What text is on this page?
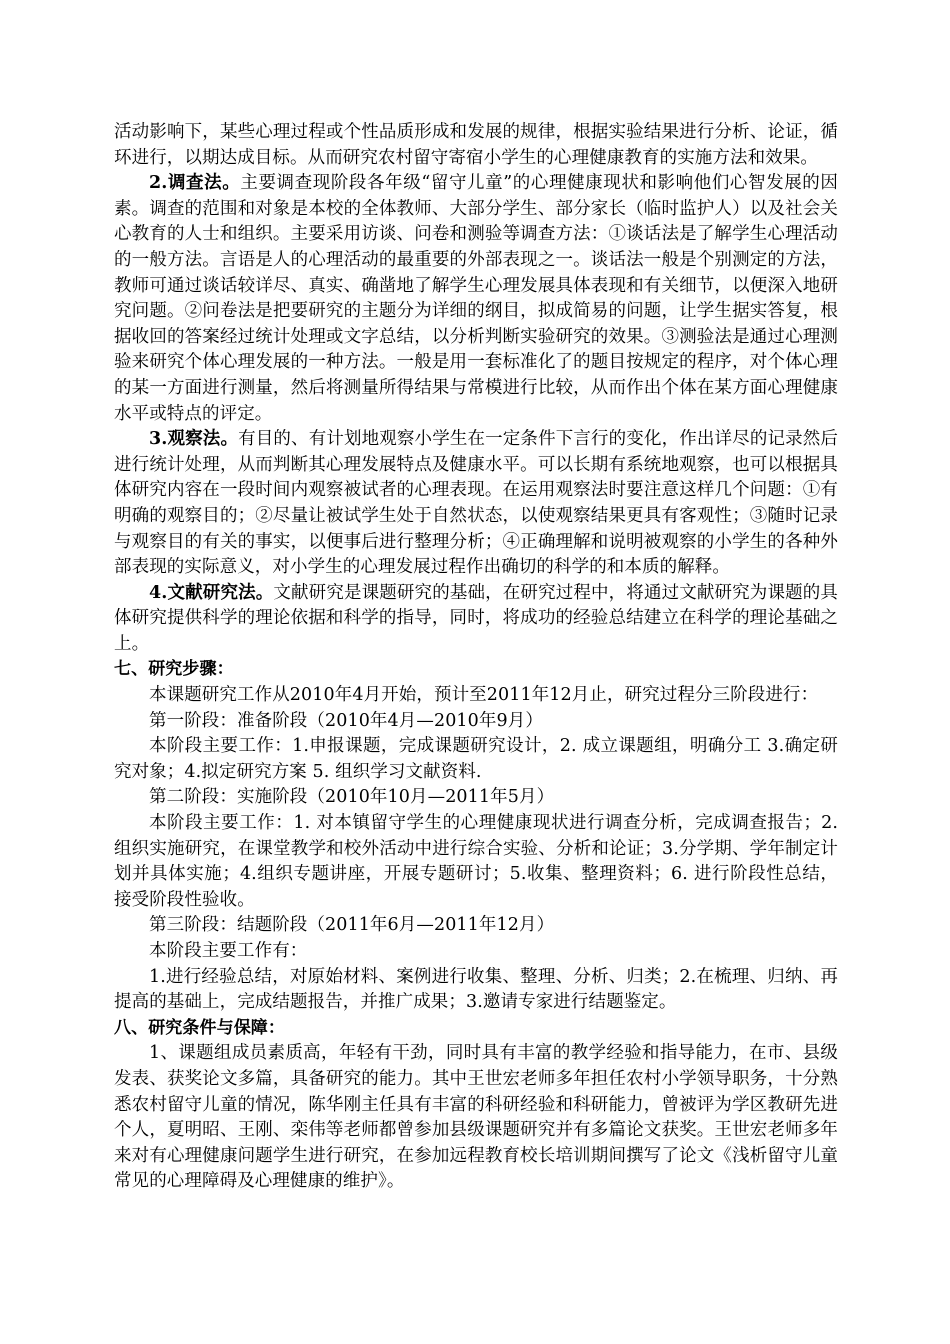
活动影响下，某些心理过程或个性品质形成和发展的规律，根据实验结果进行分析、论证，循环进行，以期达成目标。从而研究农村留守寄宿小学生的心理健康教育的实施方法和效果。

2.调查法。主要调查现阶段各年级“留守儿童”的心理健康现状和影响他们心智发展的因素。调查的范围和对象是本校的全体教师、大部分学生、部分家长（临时监护人）以及社会关心教育的人士和组织。主要采用访谈、问卷和测验等调查方法：①谈话法是了解学生心理活动的一般方法。言语是人的心理活动的最重要的外部表现之一。谈话法一般是个别测定的方法，教师可通过谈话较详尽、真实、确凿地了解学生心理发展具体表现和有关细节，以便深入地研究问题。②问卷法是把要研究的主题分为详细的纲目，拟成简易的问题，让学生据实答复，根据收回的答案经过统计处理或文字总结，以分析判断实验研究的效果。③测验法是通过心理测验来研究个体心理发展的一种方法。一般是用一套标准化了的题目按规定的程序，对个体心理的某一方面进行测量，然后将测量所得结果与常模进行比较，从而作出个体在某方面心理健康水平或特点的评定。

3.观察法。有目的、有计划地观察小学生在一定条件下言行的变化，作出详尽的记录然后进行统计处理，从而判断其心理发展特点及健康水平。可以长期有系统地观察，也可以根据具体研究内容在一段时间内观察被试者的心理表现。在运用观察法时要注意这样几个问题：①有明确的观察目的；②尽量让被试学生处于自然状态，以使观察结果更具有客观性；③随时记录与观察目的有关的事实，以便事后进行整理分析；④正确理解和说明被观察的小学生的各种外部表现的实际意义，对小学生的心理发展过程作出确切的科学的和本质的解释。

4.文献研究法。文献研究是课题研究的基础，在研究过程中，将通过文献研究为课题的具体研究提供科学的理论依据和科学的指导，同时，将成功的经验总结建立在科学的理论基础之上。

七、研究步骤：

本课题研究工作从2010年4月开始，预计至2011年12月止，研究过程分三阶段进行：

第一阶段：准备阶段（2010年4月—2010年9月）

本阶段主要工作：1.申报课题，完成课题研究设计，2. 成立课题组，明确分工 3.确定研究对象；4.拟定研究方案 5. 组织学习文献资料.

第二阶段：实施阶段（2010年10月—2011年5月）

本阶段主要工作：1. 对本镇留守学生的心理健康现状进行调查分析，完成调查报告；2.组织实施研究，在课堂教学和校外活动中进行综合实验、分析和论证；3.分学期、学年制定计划并具体实施；4.组织专题讲座，开展专题研讨；5.收集、整理资料；6. 进行阶段性总结，接受阶段性验收。

第三阶段：结题阶段（2011年6月—2011年12月）

本阶段主要工作有：

1.进行经验总结，对原始材料、案例进行收集、整理、分析、归类；2.在梳理、归纳、再提高的基础上，完成结题报告，并推广成果；3.邀请专家进行结题鉴定。

八、研究条件与保障：

1、课题组成员素质高，年轻有干劲，同时具有丰富的教学经验和指导能力，在市、县级发表、获奖论文多篇，具备研究的能力。其中王世宏老师多年担任农村小学领导职务，十分熟悉农村留守儿童的情况，陈华刚主任具有丰富的科研经验和科研能力，曾被评为学区教研先进个人，夏明昭、王刚、栾伟等老师都曾参加县级课题研究并有多篇论文获奖。王世宏老师多年来对有心理健康问题学生进行研究，在参加远程教育校长培训期间撰写了论文《浅析留守儿童常见的心理障碍及心理健康的维护》。
